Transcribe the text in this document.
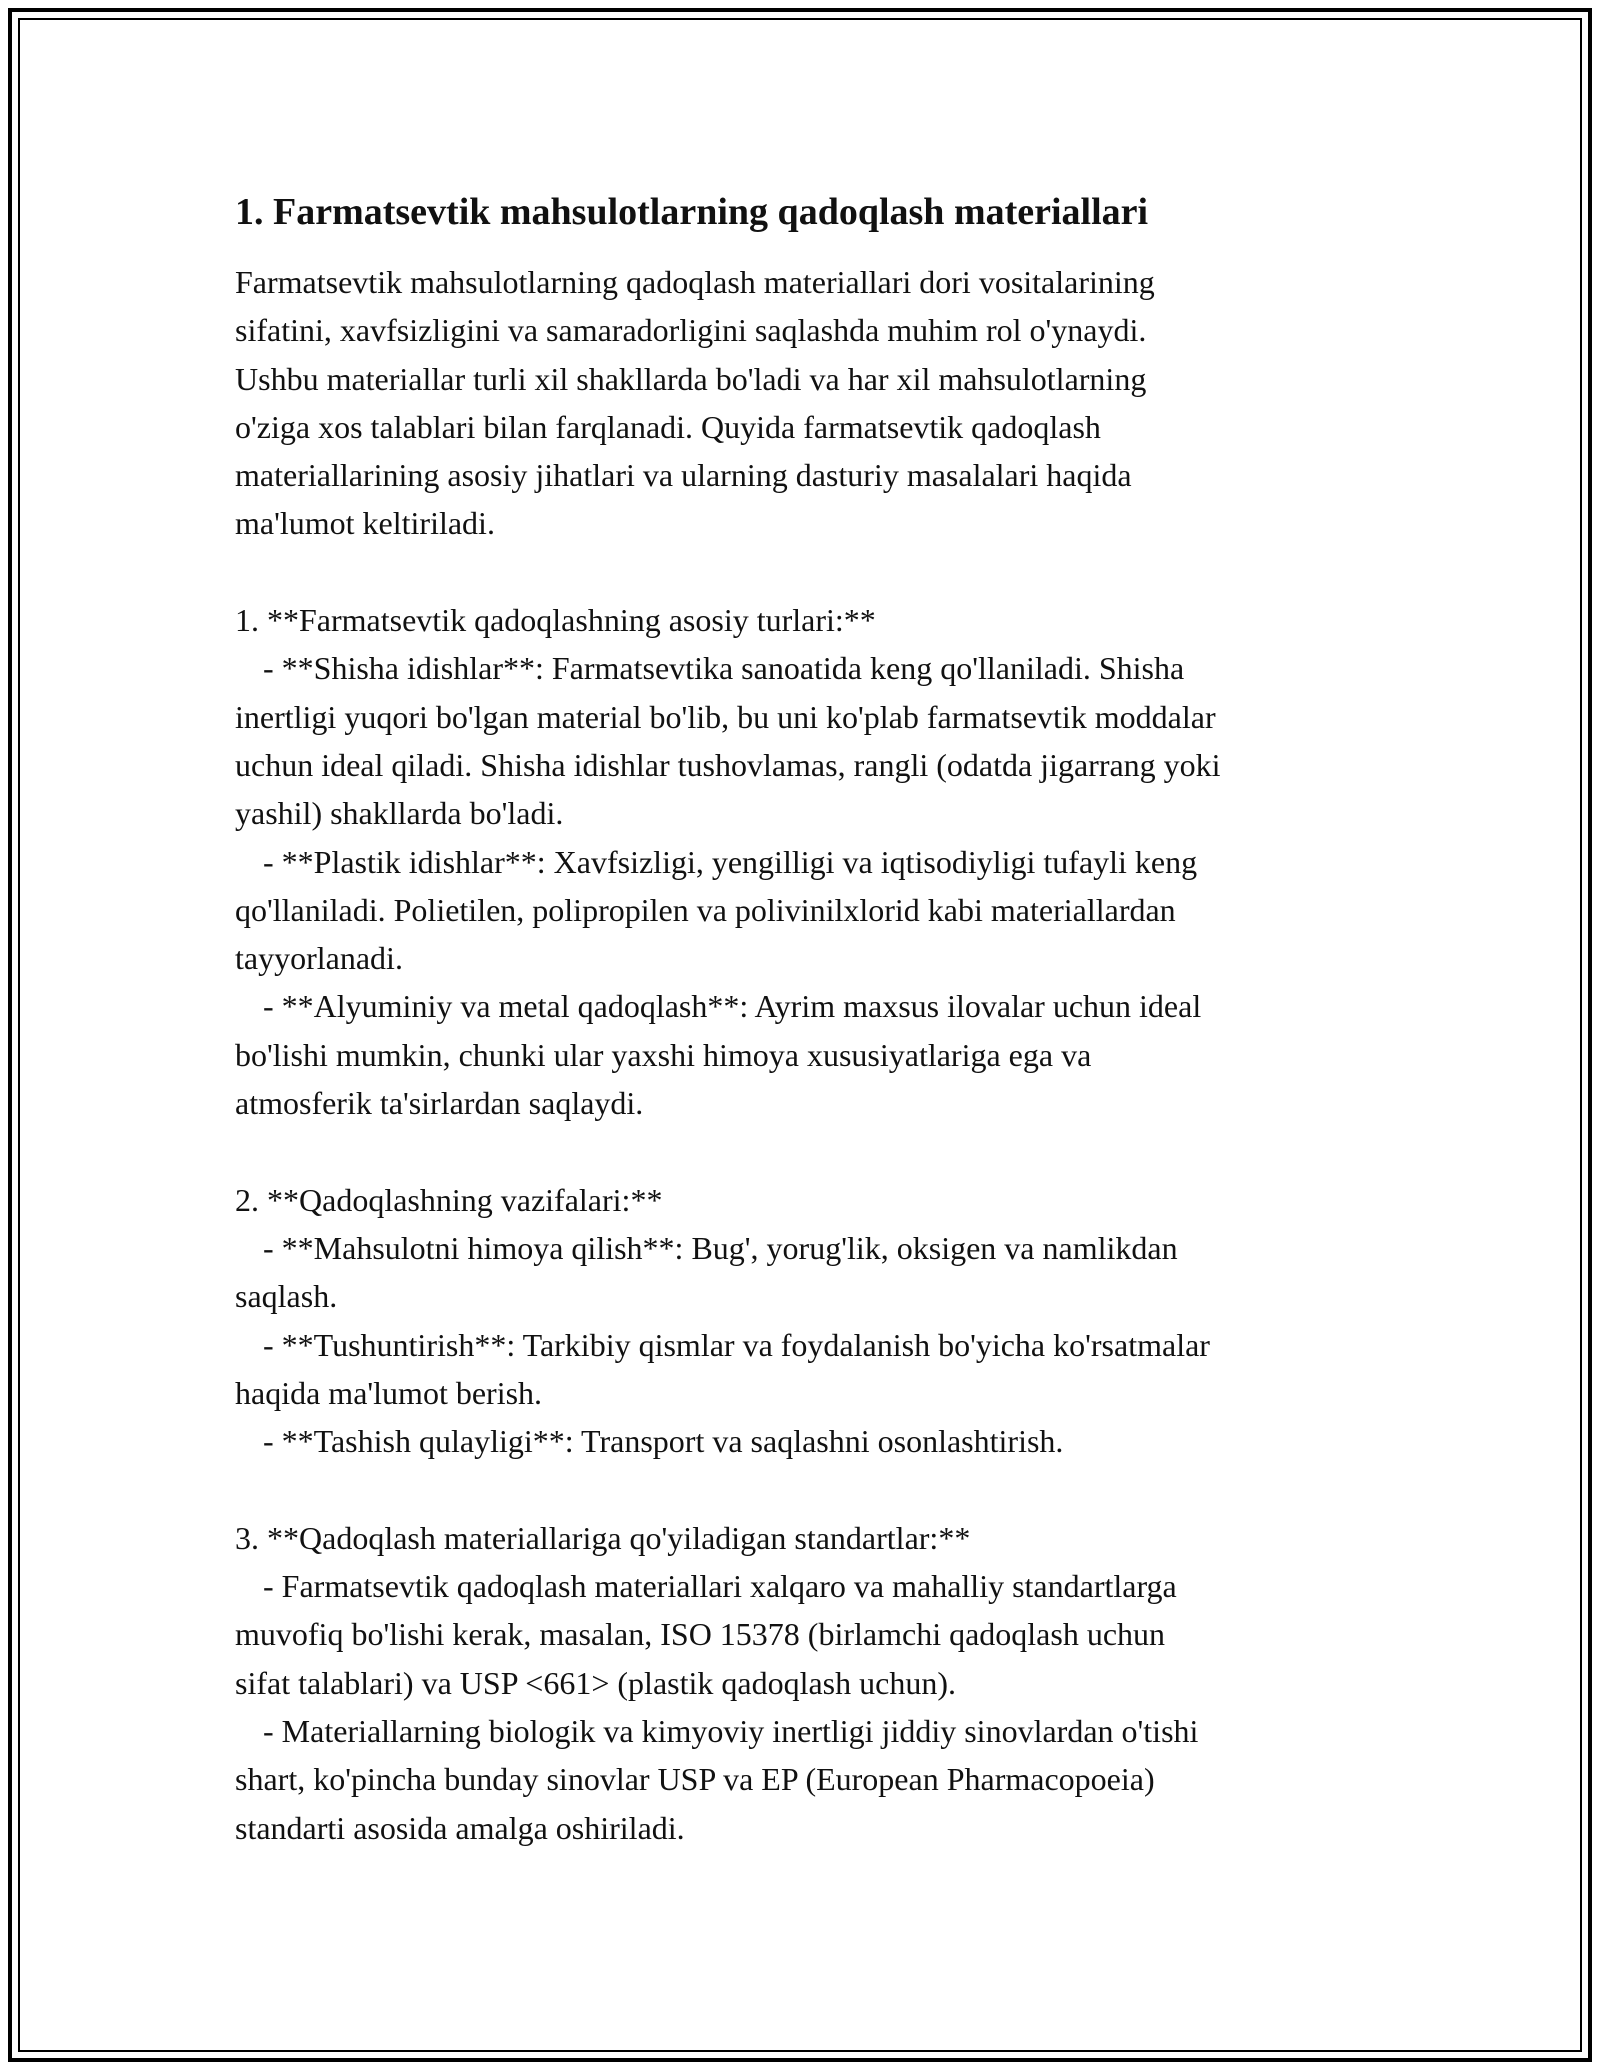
1. Farmatsevtik mahsulotlarning qadoqlash materiallari

Farmatsevtik mahsulotlarning qadoqlash materiallari dori vositalarining

sifatini, xavfsizligini va samaradorligini saqlashda muhim rol o'ynaydi.

Ushbu materiallar turli xil shakllarda bo'ladi va har xil mahsulotlarning

o'ziga xos talablari bilan farqlanadi. Quyida farmatsevtik qadoqlash

materiallarining asosiy jihatlari va ularning dasturiy masalalari haqida

ma'lumot keltiriladi.

1. **Farmatsevtik qadoqlashning asosiy turlari:**

- **Shisha idishlar**: Farmatsevtika sanoatida keng qo'llaniladi. Shisha

inertligi yuqori bo'lgan material bo'lib, bu uni ko'plab farmatsevtik moddalar

uchun ideal qiladi. Shisha idishlar tushovlamas, rangli (odatda jigarrang yoki

yashil) shakllarda bo'ladi.

- **Plastik idishlar**: Xavfsizligi, yengilligi va iqtisodiyligi tufayli keng

qo'llaniladi. Polietilen, polipropilen va polivinilxlorid kabi materiallardan

tayyorlanadi.

- **Alyuminiy va metal qadoqlash**: Ayrim maxsus ilovalar uchun ideal

bo'lishi mumkin, chunki ular yaxshi himoya xususiyatlariga ega va

atmosferik ta'sirlardan saqlaydi.

2. **Qadoqlashning vazifalari:**

- **Mahsulotni himoya qilish**: Bug', yorug'lik, oksigen va namlikdan

saqlash.

- **Tushuntirish**: Tarkibiy qismlar va foydalanish bo'yicha ko'rsatmalar

haqida ma'lumot berish.

- **Tashish qulayligi**: Transport va saqlashni osonlashtirish.

3. **Qadoqlash materiallariga qo'yiladigan standartlar:**

- Farmatsevtik qadoqlash materiallari xalqaro va mahalliy standartlarga

muvofiq bo'lishi kerak, masalan, ISO 15378 (birlamchi qadoqlash uchun

sifat talablari) va USP <661> (plastik qadoqlash uchun).

- Materiallarning biologik va kimyoviy inertligi jiddiy sinovlardan o'tishi

shart, ko'pincha bunday sinovlar USP va EP (European Pharmacopoeia)

standarti asosida amalga oshiriladi.
